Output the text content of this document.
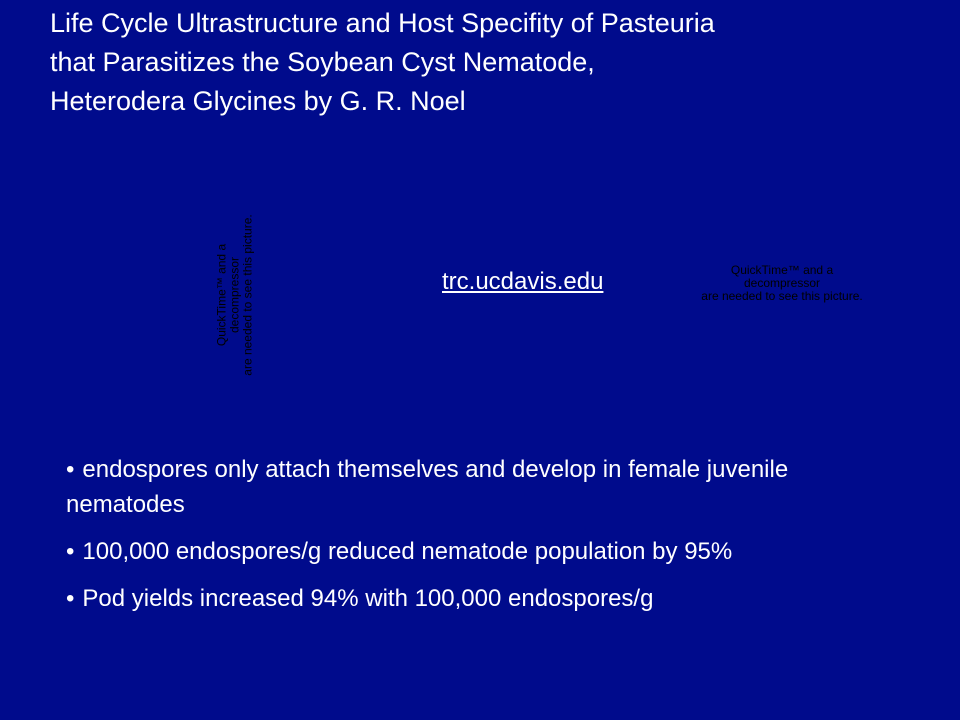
Life Cycle Ultrastructure and Host Specifity of Pasteuria
that Parasitizes the Soybean Cyst Nematode,
Heterodera Glycines by G. R. Noel
QuickTime™ and a decompressor are needed to see this picture.	trc.ucdavis.edu	QuickTime™ and a
decompressor
are needed to see this picture.
• endospores only attach themselves and develop in female juvenile nematodes
• 100,000 endospores/g reduced nematode population by 95%
• Pod yields increased 94% with 100,000 endospores/g
